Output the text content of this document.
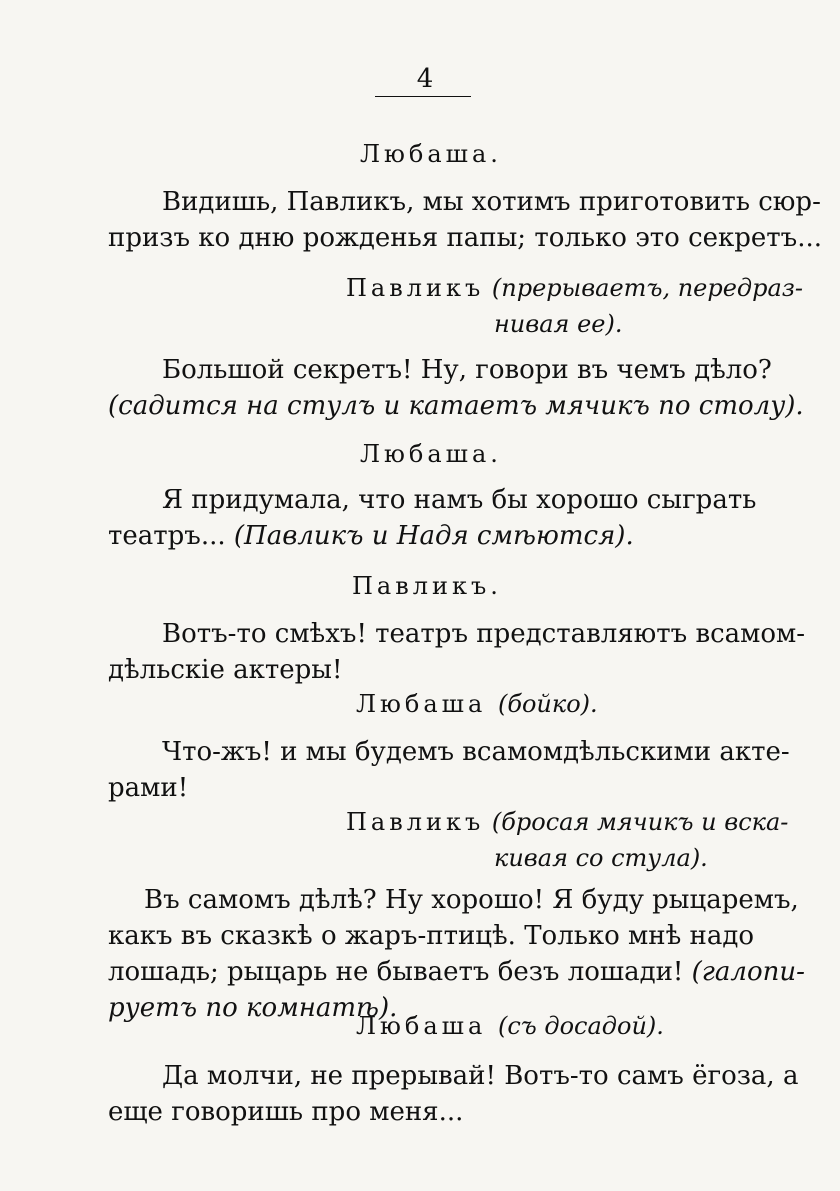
4
Любаша.
Видишь, Павликъ, мы хотимъ приготовить сюр-
призъ ко дню рожденья папы; только это секретъ...
Павликъ (прерываетъ, передраз-
нивая ее).
Большой секретъ! Ну, говори въ чемъ дѣло?
(садится на стулъ и катаетъ мячикъ по столу).
Любаша.
Я придумала, что намъ бы хорошо сыграть
театръ... (Павликъ и Надя смѣются).
Павликъ.
Вотъ-то смѣхъ! театръ представляютъ всамом-
дѣльскіе актеры!
Любаша (бойко).
Что-жъ! и мы будемъ всамомдѣльскими акте-
рами!
Павликъ (бросая мячикъ и вска-
кивая со стула).
Въ самомъ дѣлѣ? Ну хорошо! Я буду рыцаремъ,
какъ въ сказкѣ о жаръ-птицѣ. Только мнѣ надо
лошадь; рыцарь не бываетъ безъ лошади! (галопи-
руетъ по комнатѣ).
Любаша (съ досадой).
Да молчи, не прерывай! Вотъ-то самъ ёгоза, а
еще говоришь про меня...
